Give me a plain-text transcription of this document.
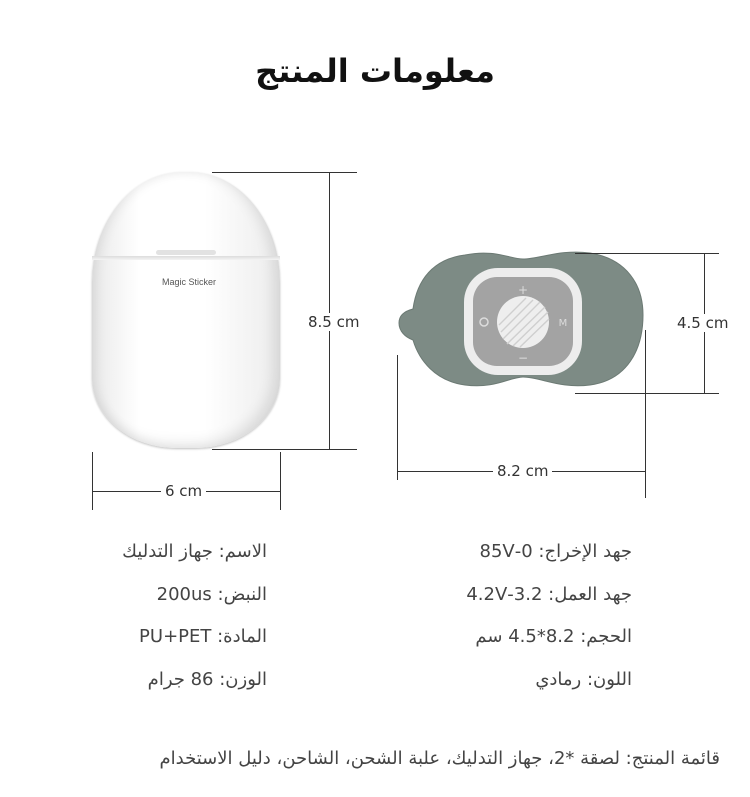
معلومات المنتج
Magic Sticker
8.5 cm
6 cm
+
−
M	4.5 cm
8.2 cm
الاسم: جهاز التدليك
النبض: 200us
المادة: PU+PET
الوزن: 86 جرام
جهد الإخراج: 0-85V
جهد العمل: 3.2-4.2V
الحجم: 8.2*4.5 سم
اللون: رمادي
قائمة المنتج: لصقة *2، جهاز التدليك، علبة الشحن، الشاحن، دليل الاستخدام
